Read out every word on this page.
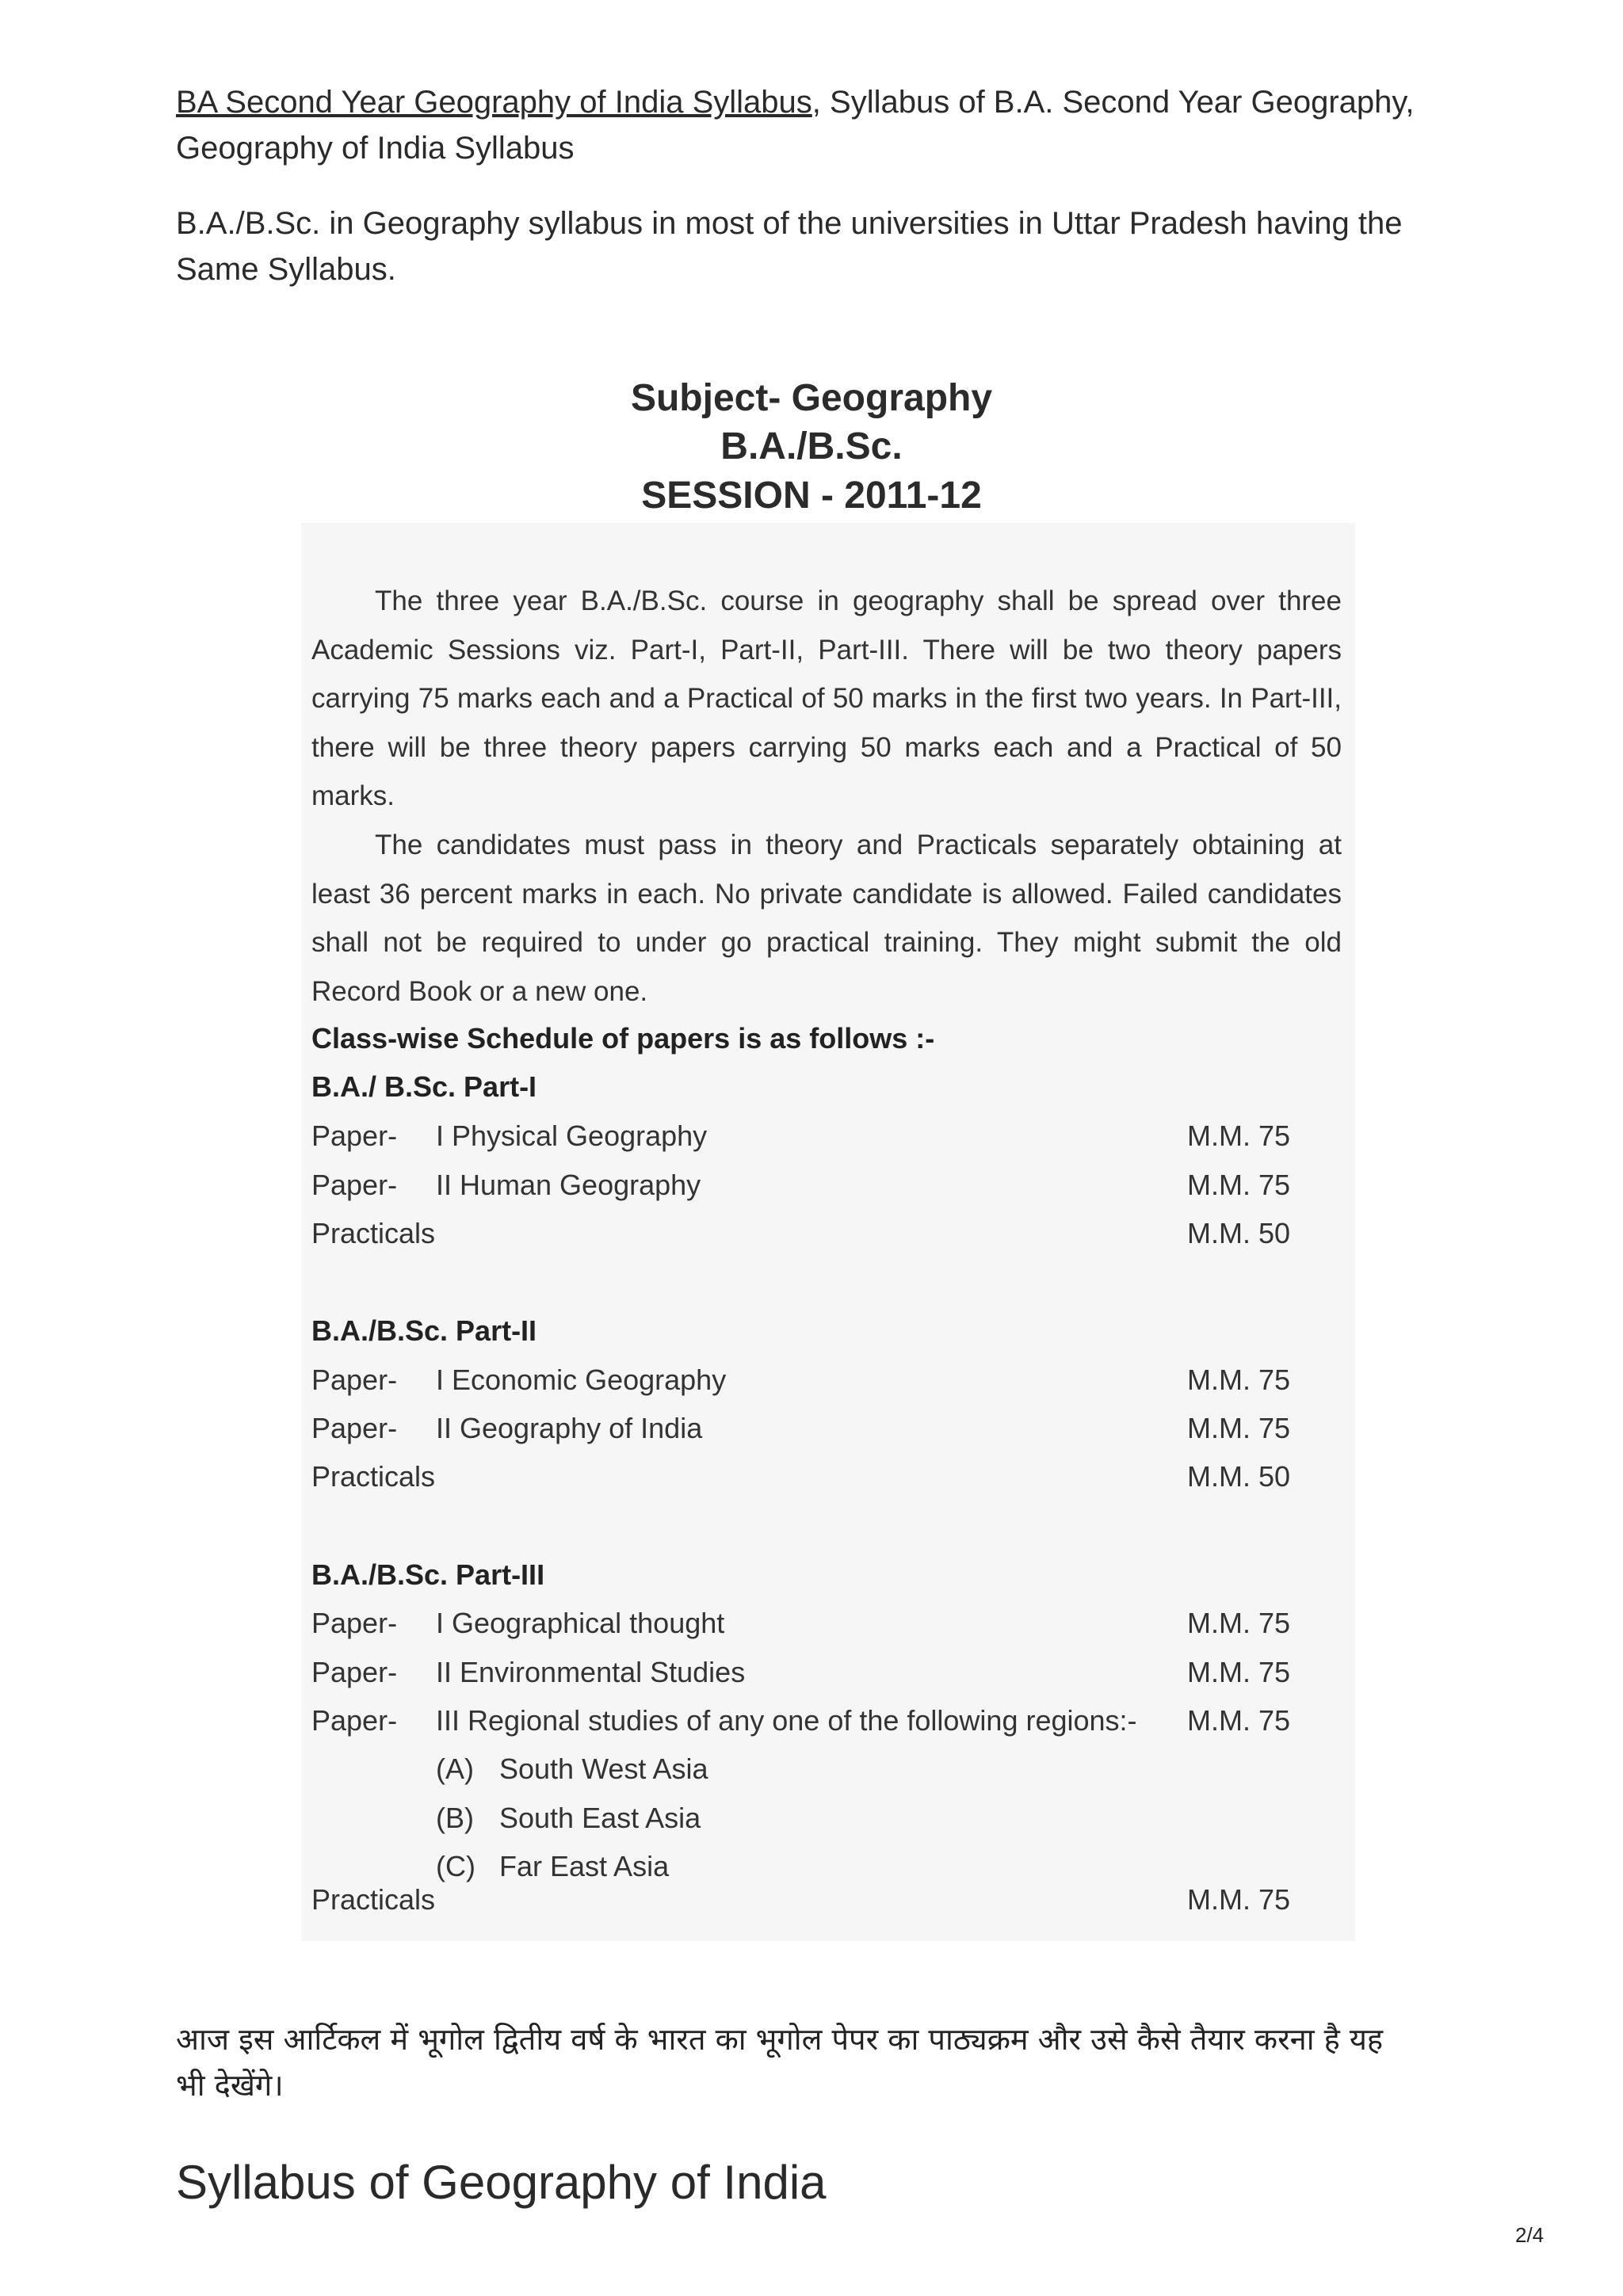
BA Second Year Geography of India Syllabus, Syllabus of B.A. Second Year Geography, Geography of India Syllabus
B.A./B.Sc. in Geography syllabus in most of the universities in Uttar Pradesh having the Same Syllabus.
Subject- Geography
B.A./B.Sc.
SESSION - 2011-12
The three year B.A./B.Sc. course in geography shall be spread over three Academic Sessions viz. Part-I, Part-II, Part-III. There will be two theory papers carrying 75 marks each and a Practical of 50 marks in the first two years. In Part-III, there will be three theory papers carrying 50 marks each and a Practical of 50 marks.
The candidates must pass in theory and Practicals separately obtaining at least 36 percent marks in each. No private candidate is allowed. Failed candidates shall not be required to under go practical training. They might submit the old Record Book or a new one.
Class-wise Schedule of papers is as follows :-
B.A./ B.Sc. Part-I
Paper- I Physical Geography	M.M. 75
Paper- II Human Geography	M.M. 75
Practicals	M.M. 50
B.A./B.Sc. Part-II
Paper- I Economic Geography	M.M. 75
Paper- II Geography of India	M.M. 75
Practicals	M.M. 50
B.A./B.Sc. Part-III
Paper- I Geographical thought	M.M. 75
Paper- II Environmental Studies	M.M. 75
Paper- III Regional studies of any one of the following regions:- M.M. 75
(A) South West Asia
(B) South East Asia
(C) Far East Asia
Practicals	M.M. 75
आज इस आर्टिकल में भूगोल द्वितीय वर्ष के भारत का भूगोल पेपर का पाठ्यक्रम और उसे कैसे तैयार करना है यह भी देखेंगे।
Syllabus of Geography of India
2/4
